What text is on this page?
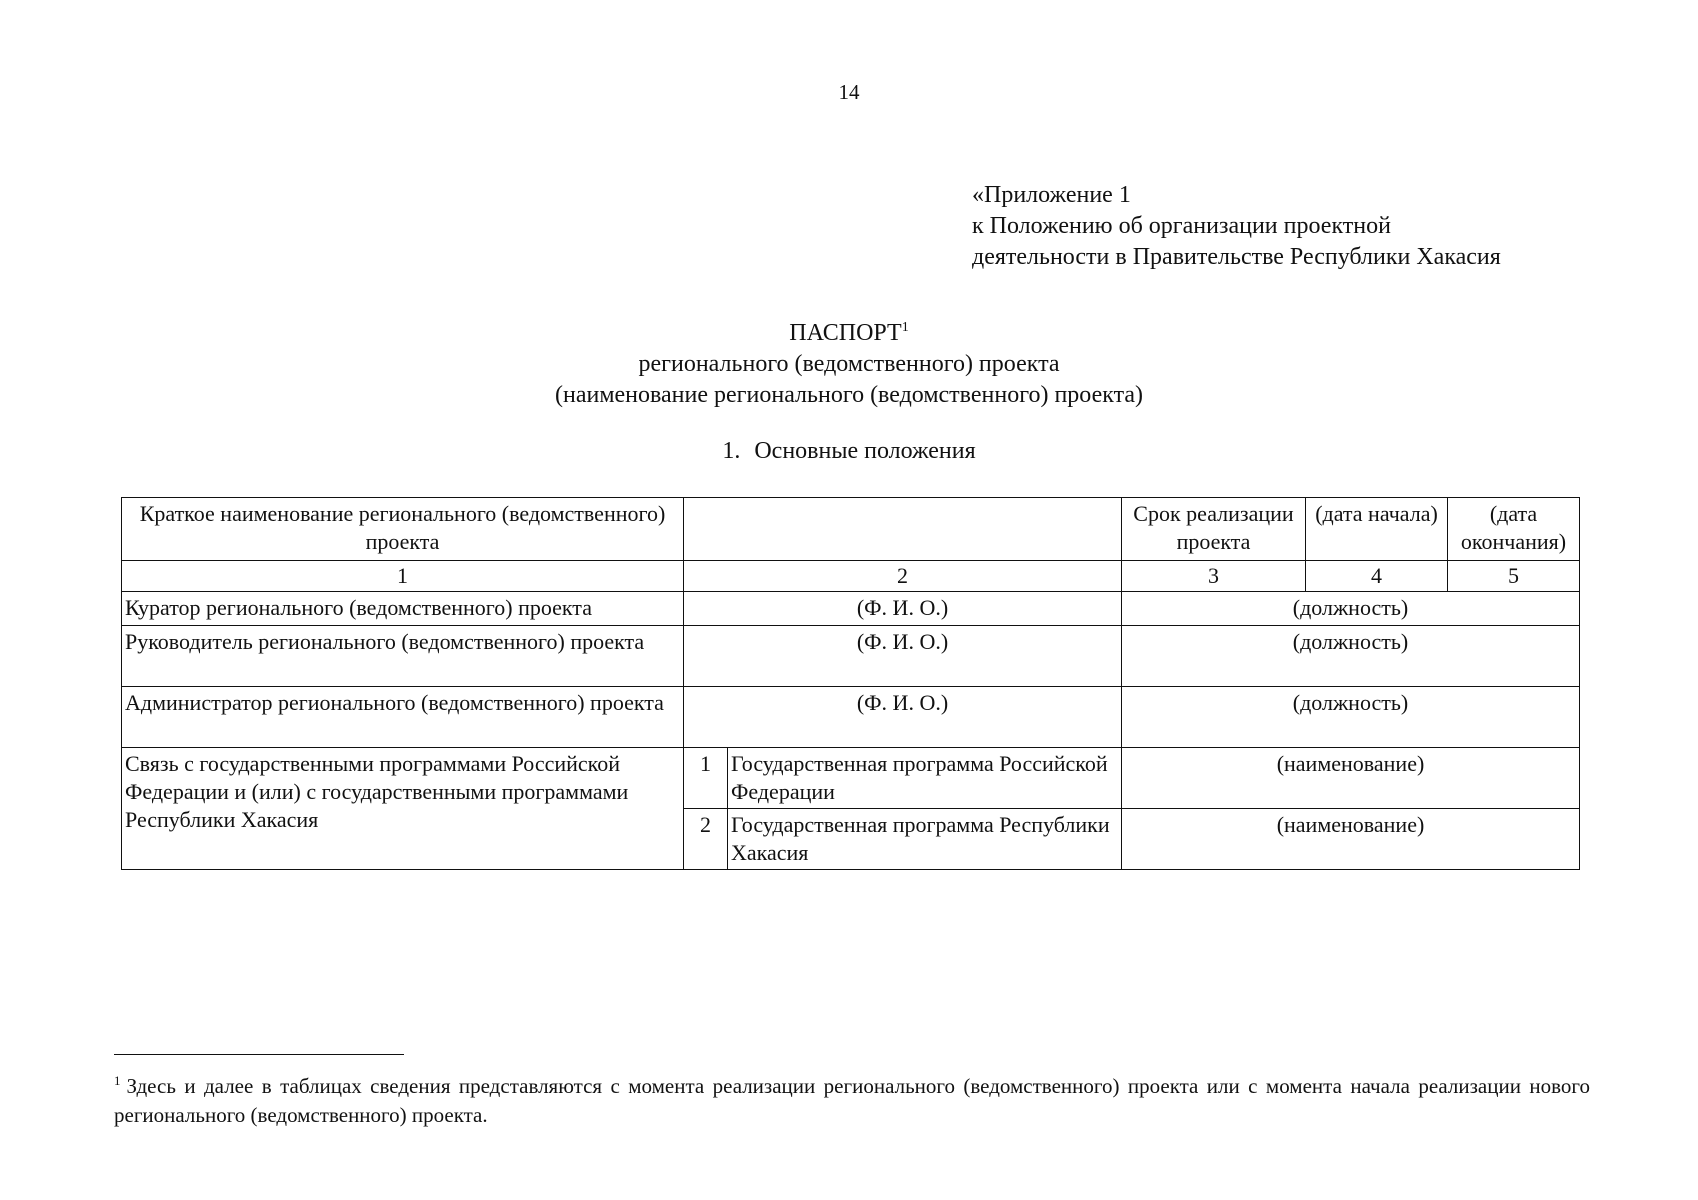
14
«Приложение 1
к Положению об организации проектной
деятельности в Правительстве Республики Хакасия
ПАСПОРТ$^1$
регионального (ведомственного) проекта
(наименование регионального (ведомственного) проекта)
1. Основные положения
Краткое наименование регионального (ведомственного) проекта			Срок реализации проекта	(дата начала)	(дата окончания)
1	2		3	4	5
Куратор регионального (ведомственного) проекта	(Ф. И. О.)		(должность)		
Руководитель регионального (ведомственного) проекта	(Ф. И. О.)		(должность)		
Администратор регионального (ведомственного) проекта	(Ф. И. О.)		(должность)		
Связь с государственными программами Российской Федерации и (или) с государственными программами Республики Хакасия	1	Государственная программа Российской Федерации	(наименование)		
	2	Государственная программа Республики Хакасия	(наименование)		
$^1$ Здесь и далее в таблицах сведения представляются с момента реализации регионального (ведомственного) проекта или с момента начала реализации нового регионального (ведомственного) проекта.
